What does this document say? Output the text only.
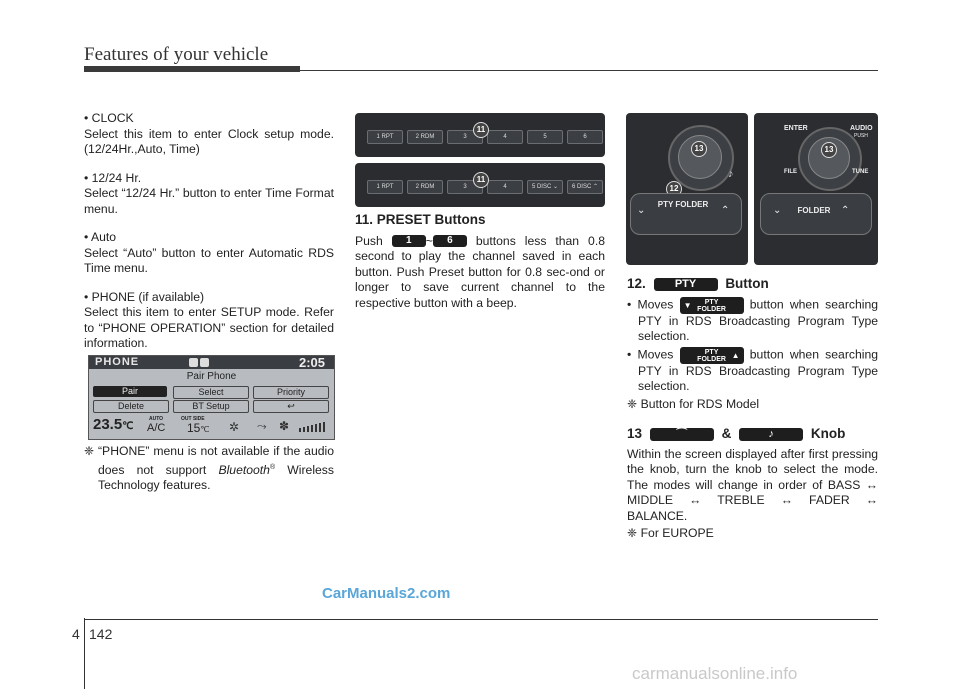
Features of your vehicle

• CLOCK

Select this item to enter Clock setup mode. (12/24Hr.,Auto, Time)

• 12/24 Hr.

Select “12/24 Hr.” button to enter Time Format menu.

• Auto

Select “Auto” button to enter Automatic RDS Time menu.

• PHONE (if available)

Select this item to enter SETUP mode. Refer to “PHONE OPERATION” section for detailed information.

PHONE	2:05
Pair Phone
Pair	Select	Priority
Delete	BT Setup	↩
23.5℃
AUTO
A/C
OUT SIDE
15℃ ✲ ⤳ ✽
❈ “PHONE” menu is not available if the audio does not support Bluetooth® Wireless Technology features.
1 RPT	2 RDM	3	4	5	6
11
1 RPT	2 RDM	3	4	5 DISC ⌄	6 DISC ⌃
11
11. PRESET Buttons

Push 1 ~ 6 buttons less than 0.8 second to play the channel saved in each button. Push Preset button for 0.8 sec-ond or longer to save current channel to the respective button with a beep.

13
♪
12
⌄
PTY FOLDER
⌃
ENTER	AUDIO
PUSH
13
FILE	TUNE
⌄	FOLDER	⌃
12.	PTY Button

• Moves ▼	PTY
FOLDER	button when searching PTY in RDS Broadcasting Program Type selection.

• Moves	▲
PTY
FOLDER	button when searching PTY in RDS Broadcasting Program Type selection.

❈ Button for RDS Model

13	⌒	&	♪	Knob

Within the screen displayed after first pressing the knob, turn the knob to select the mode. The modes will change in order of BASS ↔ MIDDLE ↔ TREBLE ↔ FADER ↔ BALANCE.

❈ For EUROPE

CarManuals2.com
carmanualsonline.info
4 142
